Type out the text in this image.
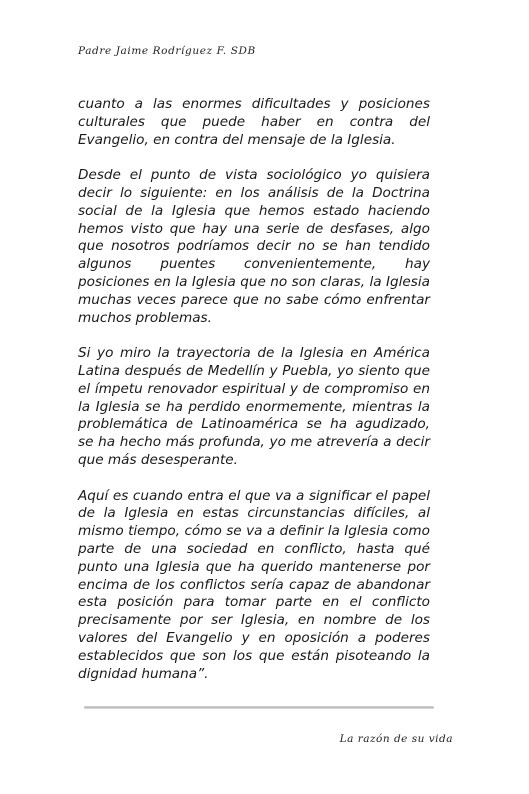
Padre Jaime Rodríguez F. SDB

cuanto a las enormes dificultades y posiciones culturales que puede haber en contra del Evangelio, en contra del mensaje de la Iglesia.

Desde el punto de vista sociológico yo quisiera decir lo siguiente: en los análisis de la Doctrina social de la Iglesia que hemos estado haciendo hemos visto que hay una serie de desfases, algo que nosotros podríamos decir no se han tendido algunos puentes convenientemente, hay posiciones en la Iglesia que no son claras, la Iglesia muchas veces parece que no sabe cómo enfrentar muchos problemas.

Si yo miro la trayectoria de la Iglesia en América Latina después de Medellín y Puebla, yo siento que el ímpetu renovador espiritual y de compromiso en la Iglesia se ha perdido enormemente, mientras la problemática de Latinoamérica se ha agudizado, se ha hecho más profunda, yo me atrevería a decir que más desesperante.

Aquí es cuando entra el que va a significar el papel de la Iglesia en estas circunstancias difíciles, al mismo tiempo, cómo se va a definir la Iglesia como parte de una sociedad en conflicto, hasta qué punto una Iglesia que ha querido mantenerse por encima de los conflictos sería capaz de abandonar esta posición para tomar parte en el conflicto precisamente por ser Iglesia, en nombre de los valores del Evangelio y en oposición a poderes establecidos que son los que están pisoteando la dignidad humana”.

La razón de su vida
